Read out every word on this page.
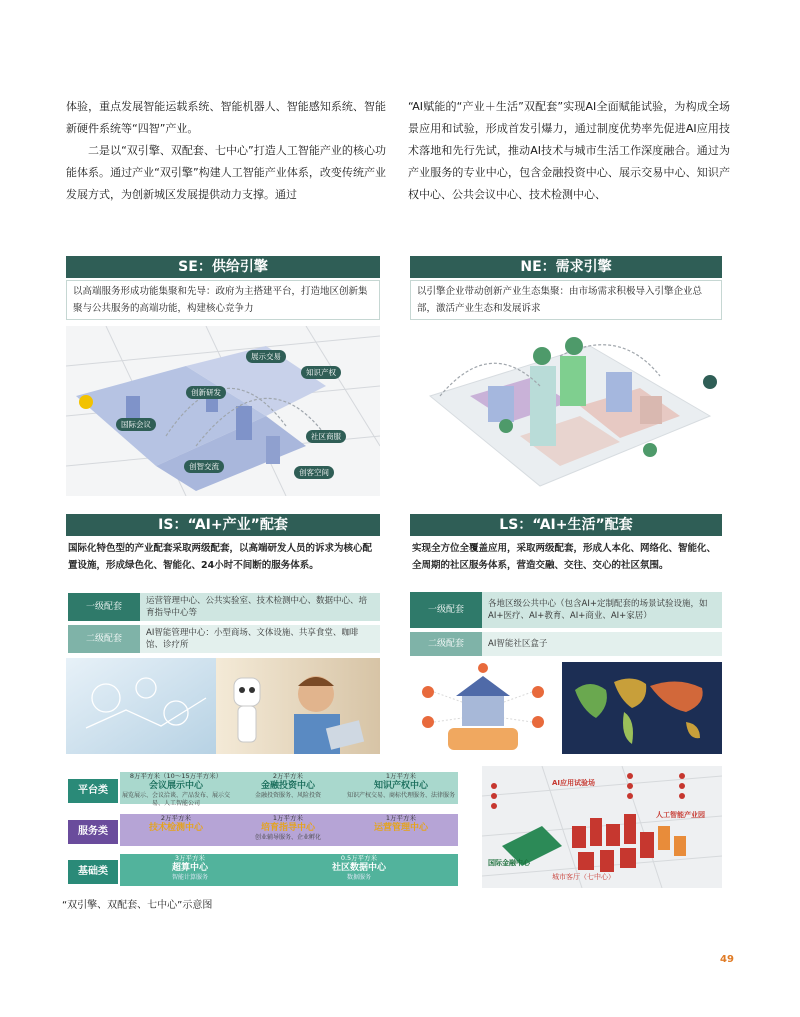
体验，重点发展智能运载系统、智能机器人、智能感知系统、智能新硬件系统等“四智”产业。

二是以“双引擎、双配套、七中心”打造人工智能产业的核心功能体系。通过产业“双引擎”构建人工智能产业体系，改变传统产业发展方式，为创新城区发展提供动力支撑。通过

“AI赋能的“产业＋生活”双配套”实现AI全面赋能试验，为构成全场景应用和试验，形成首发引爆力，通过制度优势率先促进AI应用技术落地和先行先试，推动AI技术与城市生活工作深度融合。通过为产业服务的专业中心，包含金融投资中心、展示交易中心、知识产权中心、公共会议中心、技术检测中心、

SE：供给引擎
以高端服务形成功能集聚和先导：政府为主搭建平台，打造地区创新集聚与公共服务的高端功能，构建核心竞争力
展示交易
知识产权
创新研发
国际会议
社区商服
创智交流
创客空间
NE：需求引擎
以引擎企业带动创新产业生态集聚：由市场需求积极导入引擎企业总部，激活产业生态和发展诉求
IS：“AI+产业”配套
国际化特色型的产业配套采取两级配套，以高端研发人员的诉求为核心配置设施，形成绿色化、智能化、24小时不间断的服务体系。
一级配套
运营管理中心、公共实验室、技术检测中心、数据中心、培育指导中心等
二级配套
AI智能管理中心：小型商场、文体设施、共享食堂、咖啡馆、诊疗所
LS：“AI+生活”配套
实现全方位全覆盖应用，采取两级配套，形成人本化、网络化、智能化、全周期的社区服务体系，营造交融、交往、交心的社区氛围。
一级配套
各地区级公共中心（包含AI+定制配套的场景试验设施，如AI+医疗、AI+教育、AI+商业、AI+家居）
二级配套	AI智能社区盒子
平台类
服务类
基础类
8万平方米（10～15万平方米）
会议展示中心
展览展示、会议洽谈、产品发布、展示交易、人工智能公司
2万平方米
金融投资中心
金融投资服务、风险投资
1万平方米
知识产权中心
知识产权交易、商标代理服务、法律服务
2万平方米
技术检测中心
1万平方米
培育指导中心
创业辅导服务、企业孵化
1万平方米
运营管理中心
3万平方米
超算中心
智能计算服务
0.5万平方米
社区数据中心
数据服务
AI应用试验场
国际金融中心
城市客厅（七中心）
人工智能产业园
“双引擎、双配套、七中心”示意图
49
